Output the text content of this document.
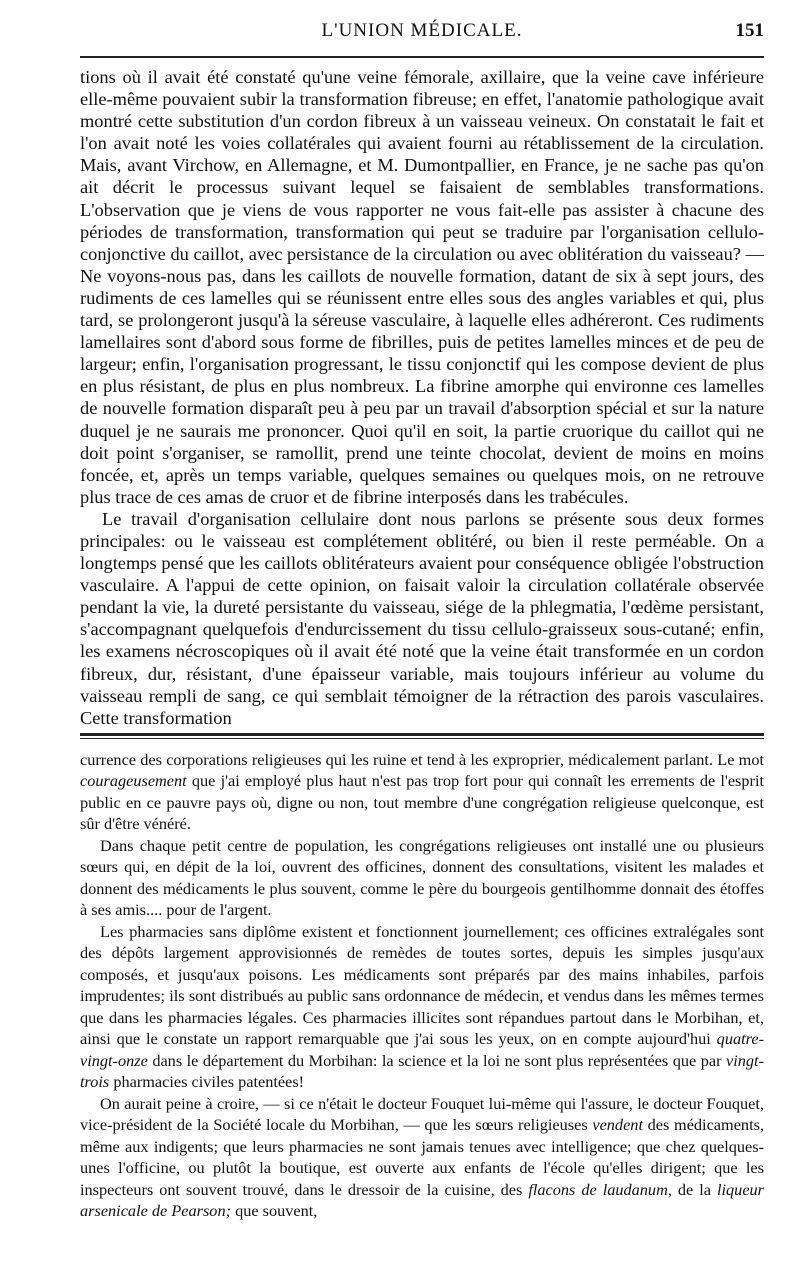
L'UNION MÉDICALE.	151

tions où il avait été constaté qu'une veine fémorale, axillaire, que la veine cave inférieure elle-même pouvaient subir la transformation fibreuse; en effet, l'anatomie pathologique avait montré cette substitution d'un cordon fibreux à un vaisseau veineux. On constatait le fait et l'on avait noté les voies collatérales qui avaient fourni au rétablissement de la circulation. Mais, avant Virchow, en Allemagne, et M. Dumontpallier, en France, je ne sache pas qu'on ait décrit le processus suivant lequel se faisaient de semblables transformations. L'observation que je viens de vous rapporter ne vous fait-elle pas assister à chacune des périodes de transformation, transformation qui peut se traduire par l'organisation cellulo-conjonctive du caillot, avec persistance de la circulation ou avec oblitération du vaisseau? — Ne voyons-nous pas, dans les caillots de nouvelle formation, datant de six à sept jours, des rudiments de ces lamelles qui se réunissent entre elles sous des angles variables et qui, plus tard, se prolongeront jusqu'à la séreuse vasculaire, à laquelle elles adhéreront. Ces rudiments lamellaires sont d'abord sous forme de fibrilles, puis de petites lamelles minces et de peu de largeur; enfin, l'organisation progressant, le tissu conjonctif qui les compose devient de plus en plus résistant, de plus en plus nombreux. La fibrine amorphe qui environne ces lamelles de nouvelle formation disparaît peu à peu par un travail d'absorption spécial et sur la nature duquel je ne saurais me prononcer. Quoi qu'il en soit, la partie cruorique du caillot qui ne doit point s'organiser, se ramollit, prend une teinte chocolat, devient de moins en moins foncée, et, après un temps variable, quelques semaines ou quelques mois, on ne retrouve plus trace de ces amas de cruor et de fibrine interposés dans les trabécules.

Le travail d'organisation cellulaire dont nous parlons se présente sous deux formes principales: ou le vaisseau est complétement oblitéré, ou bien il reste perméable. On a longtemps pensé que les caillots oblitérateurs avaient pour conséquence obligée l'obstruction vasculaire. A l'appui de cette opinion, on faisait valoir la circulation collatérale observée pendant la vie, la dureté persistante du vaisseau, siége de la phlegmatia, l'œdème persistant, s'accompagnant quelquefois d'endurcissement du tissu cellulo-graisseux sous-cutané; enfin, les examens nécroscopiques où il avait été noté que la veine était transformée en un cordon fibreux, dur, résistant, d'une épaisseur variable, mais toujours inférieur au volume du vaisseau rempli de sang, ce qui semblait témoigner de la rétraction des parois vasculaires. Cette transformation

currence des corporations religieuses qui les ruine et tend à les exproprier, médicalement parlant. Le mot courageusement que j'ai employé plus haut n'est pas trop fort pour qui connaît les errements de l'esprit public en ce pauvre pays où, digne ou non, tout membre d'une congrégation religieuse quelconque, est sûr d'être vénéré.

Dans chaque petit centre de population, les congrégations religieuses ont installé une ou plusieurs sœurs qui, en dépit de la loi, ouvrent des officines, donnent des consultations, visitent les malades et donnent des médicaments le plus souvent, comme le père du bourgeois gentilhomme donnait des étoffes à ses amis.... pour de l'argent.

Les pharmacies sans diplôme existent et fonctionnent journellement; ces officines extralégales sont des dépôts largement approvisionnés de remèdes de toutes sortes, depuis les simples jusqu'aux composés, et jusqu'aux poisons. Les médicaments sont préparés par des mains inhabiles, parfois imprudentes; ils sont distribués au public sans ordonnance de médecin, et vendus dans les mêmes termes que dans les pharmacies légales. Ces pharmacies illicites sont répandues partout dans le Morbihan, et, ainsi que le constate un rapport remarquable que j'ai sous les yeux, on en compte aujourd'hui quatre-vingt-onze dans le département du Morbihan: la science et la loi ne sont plus représentées que par vingt-trois pharmacies civiles patentées!

On aurait peine à croire, — si ce n'était le docteur Fouquet lui-même qui l'assure, le docteur Fouquet, vice-président de la Société locale du Morbihan, — que les sœurs religieuses vendent des médicaments, même aux indigents; que leurs pharmacies ne sont jamais tenues avec intelligence; que chez quelques-unes l'officine, ou plutôt la boutique, est ouverte aux enfants de l'école qu'elles dirigent; que les inspecteurs ont souvent trouvé, dans le dressoir de la cuisine, des flacons de laudanum, de la liqueur arsenicale de Pearson; que souvent,
